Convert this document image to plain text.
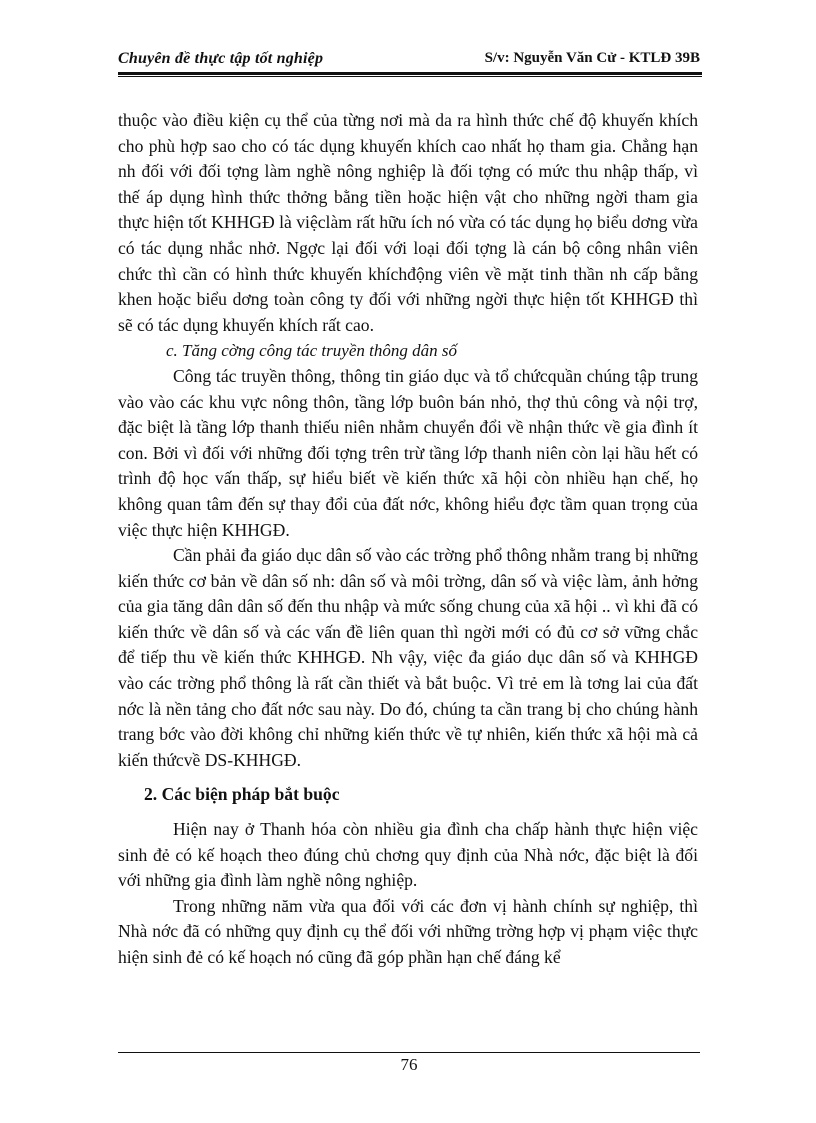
Chuyên đề thực tập tốt nghiệp	S/v: Nguyễn Văn Cử - KTLĐ 39B

thuộc vào điều kiện cụ thể của từng nơi mà da ra hình thức chế độ khuyến khích cho phù hợp sao cho có tác dụng khuyến khích cao nhất họ tham gia. Chẳng hạn nh đối với đối tợng làm nghề nông nghiệp là đối tợng có mức thu nhập thấp, vì thế áp dụng hình thức thởng bằng tiền hoặc hiện vật cho những ngời tham gia thực hiện tốt KHHGĐ là việclàm rất hữu ích nó vừa có tác dụng họ biểu dơng vừa có tác dụng nhắc nhở. Ngợc lại đối với loại đối tợng là cán bộ công nhân viên chức thì cần có hình thức khuyến khíchđộng viên về mặt tinh thần nh cấp bằng khen hoặc biểu dơng toàn công ty đối với những ngời thực hiện tốt KHHGĐ thì sẽ có tác dụng khuyến khích rất cao.

c. Tăng cờng công tác truyền thông dân số

Công tác truyền thông, thông tin giáo dục và tổ chứcquần chúng tập trung vào vào các khu vực nông thôn, tầng lớp buôn bán nhỏ, thợ thủ công và nội trợ, đặc biệt là tầng lớp thanh thiếu niên nhằm chuyển đổi về nhận thức về gia đình ít con. Bởi vì đối với những đối tợng trên trừ tầng lớp thanh niên còn lại hầu hết có trình độ học vấn thấp, sự hiểu biết về kiến thức xã hội còn nhiều hạn chế, họ không quan tâm đến sự thay đổi của đất nớc, không hiểu đợc tầm quan trọng của việc thực hiện KHHGĐ.

Cần phải đa giáo dục dân số vào các trờng phổ thông nhằm trang bị những kiến thức cơ bản về dân số nh: dân số và môi trờng, dân số và việc làm, ảnh hởng của gia tăng dân dân số đến thu nhập và mức sống chung của xã hội .. vì khi đã có kiến thức về dân số và các vấn đề liên quan thì ngời mới có đủ cơ sở vững chắc để tiếp thu về kiến thức KHHGĐ. Nh vậy, việc đa giáo dục dân số và KHHGĐ vào các trờng phổ thông là rất cần thiết và bắt buộc. Vì trẻ em là tơng lai của đất nớc là nền tảng cho đất nớc sau này. Do đó, chúng ta cần trang bị cho chúng hành trang bớc vào đời không chỉ những kiến thức về tự nhiên, kiến thức xã hội mà cả kiến thứcvề DS-KHHGĐ.

2. Các biện pháp bắt buộc

Hiện nay ở Thanh hóa còn nhiều gia đình cha chấp hành thực hiện việc sinh đẻ có kế hoạch theo đúng chủ chơng quy định của Nhà nớc, đặc biệt là đối với những gia đình làm nghề nông nghiệp.

Trong những năm vừa qua đối với các đơn vị hành chính sự nghiệp, thì Nhà nớc đã có những quy định cụ thể đối với những trờng hợp vị phạm việc thực hiện sinh đẻ có kế hoạch nó cũng đã góp phần hạn chế đáng kể

76
